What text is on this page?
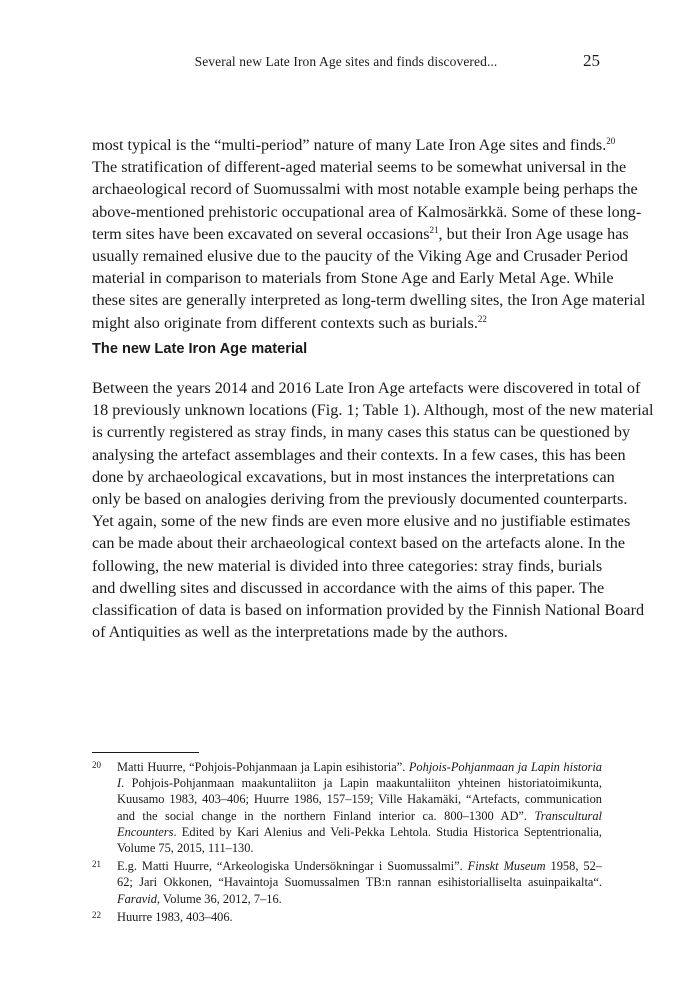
Several new Late Iron Age sites and finds discovered...	25
most typical is the “multi-period” nature of many Late Iron Age sites and finds.$^{20}$
The stratification of different-aged material seems to be somewhat universal in the
archaeological record of Suomussalmi with most notable example being perhaps the
above-mentioned prehistoric occupational area of Kalmosärkkä. Some of these long-
term sites have been excavated on several occasions$^{21}$, but their Iron Age usage has
usually remained elusive due to the paucity of the Viking Age and Crusader Period
material in comparison to materials from Stone Age and Early Metal Age. While
these sites are generally interpreted as long-term dwelling sites, the Iron Age material
might also originate from different contexts such as burials.$^{22}$
The new Late Iron Age material
Between the years 2014 and 2016 Late Iron Age artefacts were discovered in total of
18 previously unknown locations (Fig. 1; Table 1). Although, most of the new material
is currently registered as stray finds, in many cases this status can be questioned by
analysing the artefact assemblages and their contexts. In a few cases, this has been
done by archaeological excavations, but in most instances the interpretations can
only be based on analogies deriving from the previously documented counterparts.
Yet again, some of the new finds are even more elusive and no justifiable estimates
can be made about their archaeological context based on the artefacts alone. In the
following, the new material is divided into three categories: stray finds, burials
and dwelling sites and discussed in accordance with the aims of this paper. The
classification of data is based on information provided by the Finnish National Board
of Antiquities as well as the interpretations made by the authors.
20 Matti Huurre, “Pohjois-Pohjanmaan ja Lapin esihistoria”. Pohjois-Pohjanmaan ja Lapin historia
I. Pohjois-Pohjanmaan maakuntaliiton ja Lapin maakuntaliiton yhteinen historiatoimikunta,
Kuusamo 1983, 403–406; Huurre 1986, 157–159; Ville Hakamäki, “Artefacts, communication
and the social change in the northern Finland interior ca. 800–1300 AD”. Transcultural
Encounters. Edited by Kari Alenius and Veli-Pekka Lehtola. Studia Historica Septentrionalia,
Volume 75, 2015, 111–130.
21 E.g. Matti Huurre, “Arkeologiska Undersökningar i Suomussalmi”. Finskt Museum 1958, 52–
62; Jari Okkonen, “Havaintoja Suomussalmen TB:n rannan esihistorialliselta asuinpaikalta“.
Faravid, Volume 36, 2012, 7–16.
22 Huurre 1983, 403–406.
